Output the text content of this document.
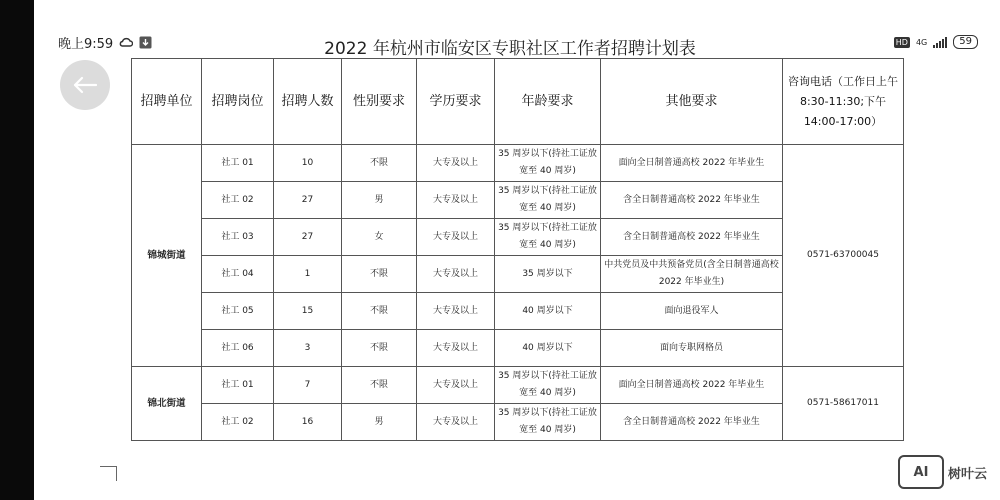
晚上9:59	HD 4G	59
2022 年杭州市临安区专职社区工作者招聘计划表
招聘单位	招聘岗位	招聘人数	性别要求	学历要求	年龄要求	其他要求	咨询电话（工作日上午 8:30-11:30;下午 14:00-17:00）
锦城街道	社工 01	10	不限	大专及以上	35 周岁以下(持社工证放宽至 40 周岁)	面向全日制普通高校 2022 年毕业生	0571-63700045
	社工 02	27	男	大专及以上	35 周岁以下(持社工证放宽至 40 周岁)	含全日制普通高校 2022 年毕业生	
	社工 03	27	女	大专及以上	35 周岁以下(持社工证放宽至 40 周岁)	含全日制普通高校 2022 年毕业生	
	社工 04	1	不限	大专及以上	35 周岁以下	中共党员及中共预备党员(含全日制普通高校 2022 年毕业生)	
	社工 05	15	不限	大专及以上	40 周岁以下	面向退役军人	
	社工 06	3	不限	大专及以上	40 周岁以下	面向专职网格员	
锦北街道	社工 01	7	不限	大专及以上	35 周岁以下(持社工证放宽至 40 周岁)	面向全日制普通高校 2022 年毕业生	0571-58617011
	社工 02	16	男	大专及以上	35 周岁以下(持社工证放宽至 40 周岁)	含全日制普通高校 2022 年毕业生	
AI	树叶云
